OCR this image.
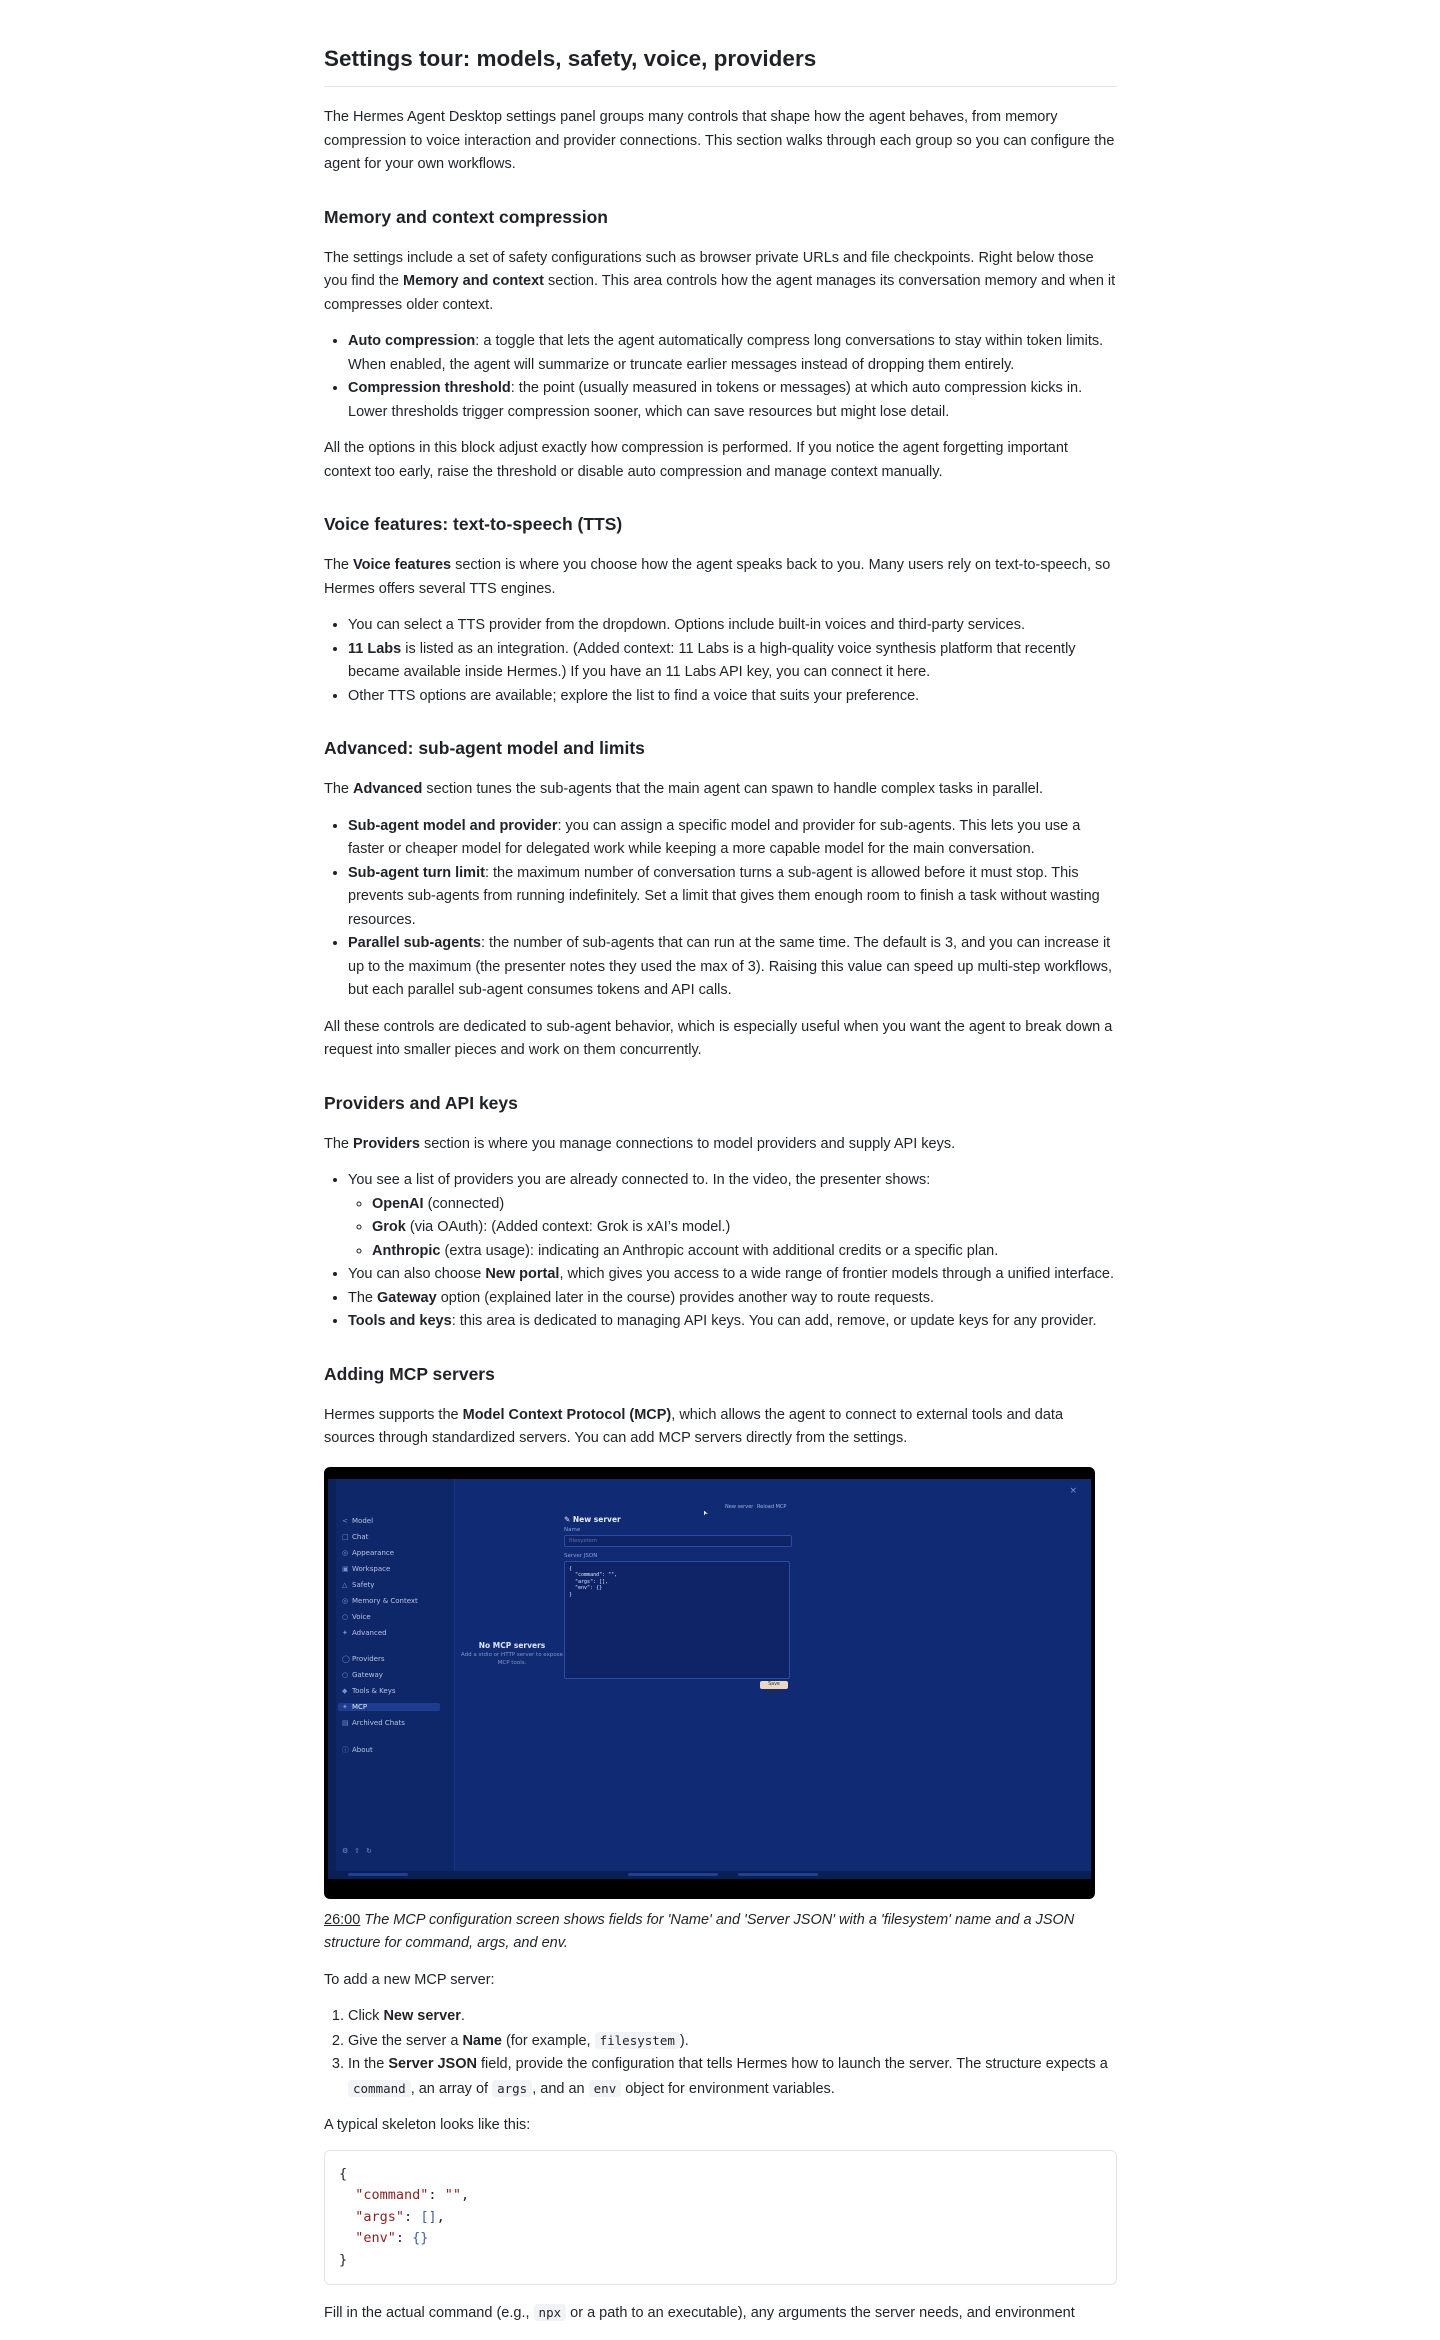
Settings tour: models, safety, voice, providers

The Hermes Agent Desktop settings panel groups many controls that shape how the agent behaves, from memory compression to voice interaction and provider connections. This section walks through each group so you can configure the agent for your own workflows.

Memory and context compression

The settings include a set of safety configurations such as browser private URLs and file checkpoints. Right below those you find the Memory and context section. This area controls how the agent manages its conversation memory and when it compresses older context.

• Auto compression: a toggle that lets the agent automatically compress long conversations to stay within token limits. When enabled, the agent will summarize or truncate earlier messages instead of dropping them entirely.
• Compression threshold: the point (usually measured in tokens or messages) at which auto compression kicks in. Lower thresholds trigger compression sooner, which can save resources but might lose detail.

All the options in this block adjust exactly how compression is performed. If you notice the agent forgetting important context too early, raise the threshold or disable auto compression and manage context manually.

Voice features: text-to-speech (TTS)

The Voice features section is where you choose how the agent speaks back to you. Many users rely on text-to-speech, so Hermes offers several TTS engines.

• You can select a TTS provider from the dropdown. Options include built-in voices and third-party services.
• 11 Labs is listed as an integration. (Added context: 11 Labs is a high-quality voice synthesis platform that recently became available inside Hermes.) If you have an 11 Labs API key, you can connect it here.
• Other TTS options are available; explore the list to find a voice that suits your preference.
Advanced: sub-agent model and limits

The Advanced section tunes the sub-agents that the main agent can spawn to handle complex tasks in parallel.

• Sub-agent model and provider: you can assign a specific model and provider for sub-agents. This lets you use a faster or cheaper model for delegated work while keeping a more capable model for the main conversation.
• Sub-agent turn limit: the maximum number of conversation turns a sub-agent is allowed before it must stop. This prevents sub-agents from running indefinitely. Set a limit that gives them enough room to finish a task without wasting resources.
• Parallel sub-agents: the number of sub-agents that can run at the same time. The default is 3, and you can increase it up to the maximum (the presenter notes they used the max of 3). Raising this value can speed up multi-step workflows, but each parallel sub-agent consumes tokens and API calls.

All these controls are dedicated to sub-agent behavior, which is especially useful when you want the agent to break down a request into smaller pieces and work on them concurrently.

Providers and API keys

The Providers section is where you manage connections to model providers and supply API keys.

• You see a list of providers you are already connected to. In the video, the presenter shows:
◦ OpenAI (connected)
◦ Grok (via OAuth): (Added context: Grok is xAI’s model.)
◦ Anthropic (extra usage): indicating an Anthropic account with additional credits or a specific plan.
• You can also choose New portal, which gives you access to a wide range of frontier models through a unified interface.
• The Gateway option (explained later in the course) provides another way to route requests.
• Tools and keys: this area is dedicated to managing API keys. You can add, remove, or update keys for any provider.
Adding MCP servers

Hermes supports the Model Context Protocol (MCP), which allows the agent to connect to external tools and data sources through standardized servers. You can add MCP servers directly from the settings.

< Model
□ Chat
◎ Appearance
▣ Workspace
△ Safety
◎ Memory & Context
○ Voice
✦ Advanced
◯ Providers
○ Gateway
◆ Tools & Keys
✦ MCP
▤ Archived Chats
ⓘ About
⚙ ⇧ ↻
No MCP servers
Add a stdio or HTTP server to expose MCP tools.
New server Reload MCP
×
✎ New server
Name
filesystem
Server JSON
{
"command": "",
"args": [],
"env": {}
}
Save server

26:00 The MCP configuration screen shows fields for 'Name' and 'Server JSON' with a 'filesystem' name and a JSON structure for command, args, and env.

To add a new MCP server:

1. Click New server.
2. Give the server a Name (for example, filesystem ).
3. In the Server JSON field, provide the configuration that tells Hermes how to launch the server. The structure expects a command , an array of args , and an env object for environment variables.

A typical skeleton looks like this:

{
"command": "",
"args": [],
"env": {}
}

Fill in the actual command (e.g., npx or a path to an executable), any arguments the server needs, and environment
